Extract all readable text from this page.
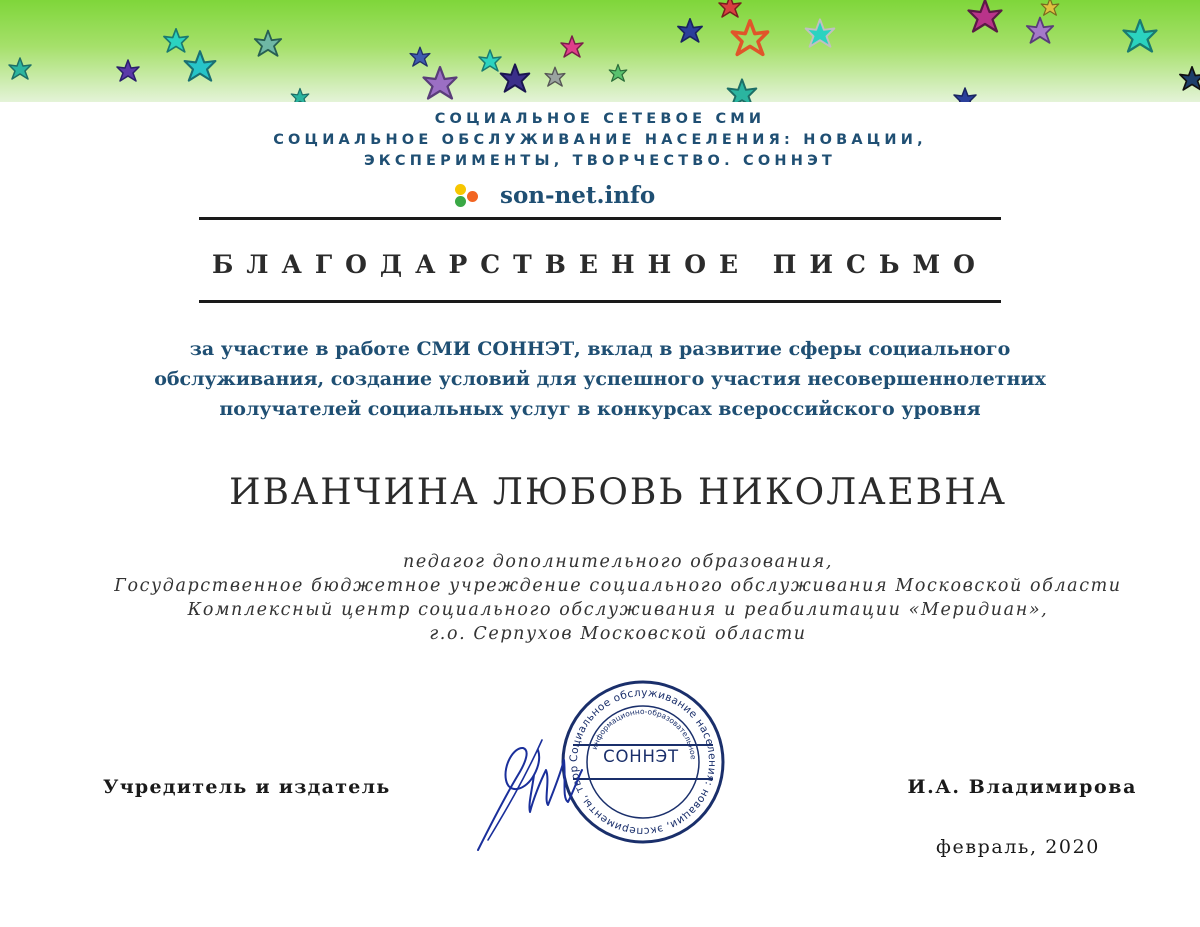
СОЦИАЛЬНОЕ СЕТЕВОЕ СМИ
СОЦИАЛЬНОЕ ОБСЛУЖИВАНИЕ НАСЕЛЕНИЯ: НОВАЦИИ,
ЭКСПЕРИМЕНТЫ, ТВОРЧЕСТВО. СОННЭТ
son-net.info
БЛАГОДАРСТВЕННОЕ ПИСЬМО
за участие в работе СМИ СОННЭТ, вклад в развитие сферы социального
обслуживания, создание условий для успешного участия несовершеннолетних
получателей социальных услуг в конкурсах всероссийского уровня
ИВАНЧИНА ЛЮБОВЬ НИКОЛАЕВНА
педагог дополнительного образования,
Государственное бюджетное учреждение социального обслуживания Московской области
Комплексный центр социального обслуживания и реабилитации «Меридиан»,
г.о. Серпухов Московской области
Учредитель и издатель	И.А. Владимирова
февраль, 2020
Социальное обслуживание населения: новации, эксперименты, твор
информационно-образовательное
СОННЭТ
